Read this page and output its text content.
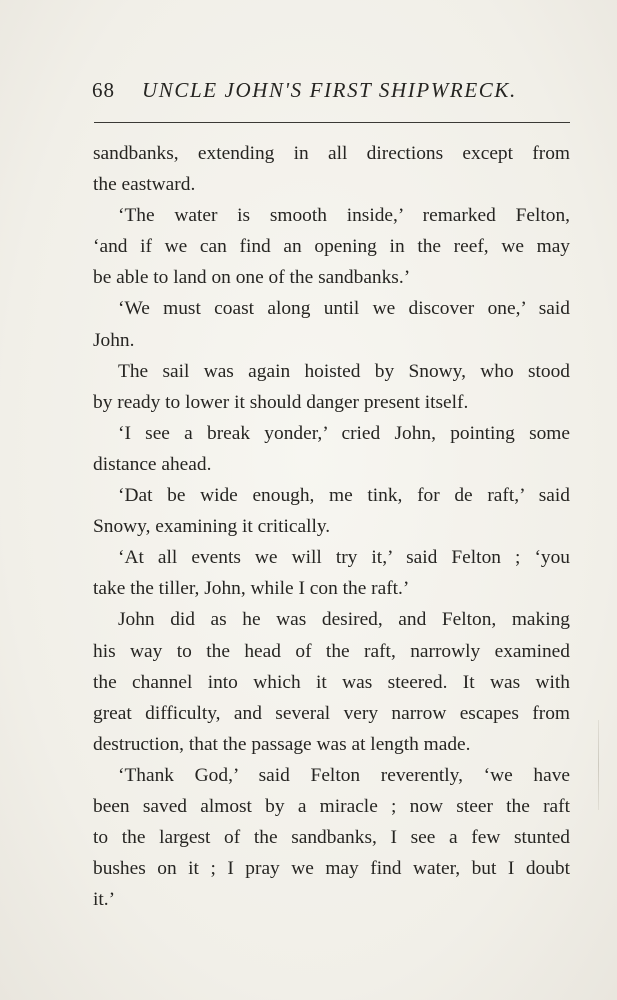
68 UNCLE JOHN'S FIRST SHIPWRECK.
sandbanks, extending in all directions except from
the eastward.
‘The water is smooth inside,’ remarked Felton,
‘and if we can find an opening in the reef, we may
be able to land on one of the sandbanks.’
‘We must coast along until we discover one,’ said
John.
The sail was again hoisted by Snowy, who stood
by ready to lower it should danger present itself.
‘I see a break yonder,’ cried John, pointing some
distance ahead.
‘Dat be wide enough, me tink, for de raft,’ said
Snowy, examining it critically.
‘At all events we will try it,’ said Felton ; ‘you
take the tiller, John, while I con the raft.’
John did as he was desired, and Felton, making
his way to the head of the raft, narrowly examined
the channel into which it was steered. It was with
great difficulty, and several very narrow escapes from
destruction, that the passage was at length made.
‘Thank God,’ said Felton reverently, ‘we have
been saved almost by a miracle ; now steer the raft
to the largest of the sandbanks, I see a few stunted
bushes on it ; I pray we may find water, but I doubt
it.’
